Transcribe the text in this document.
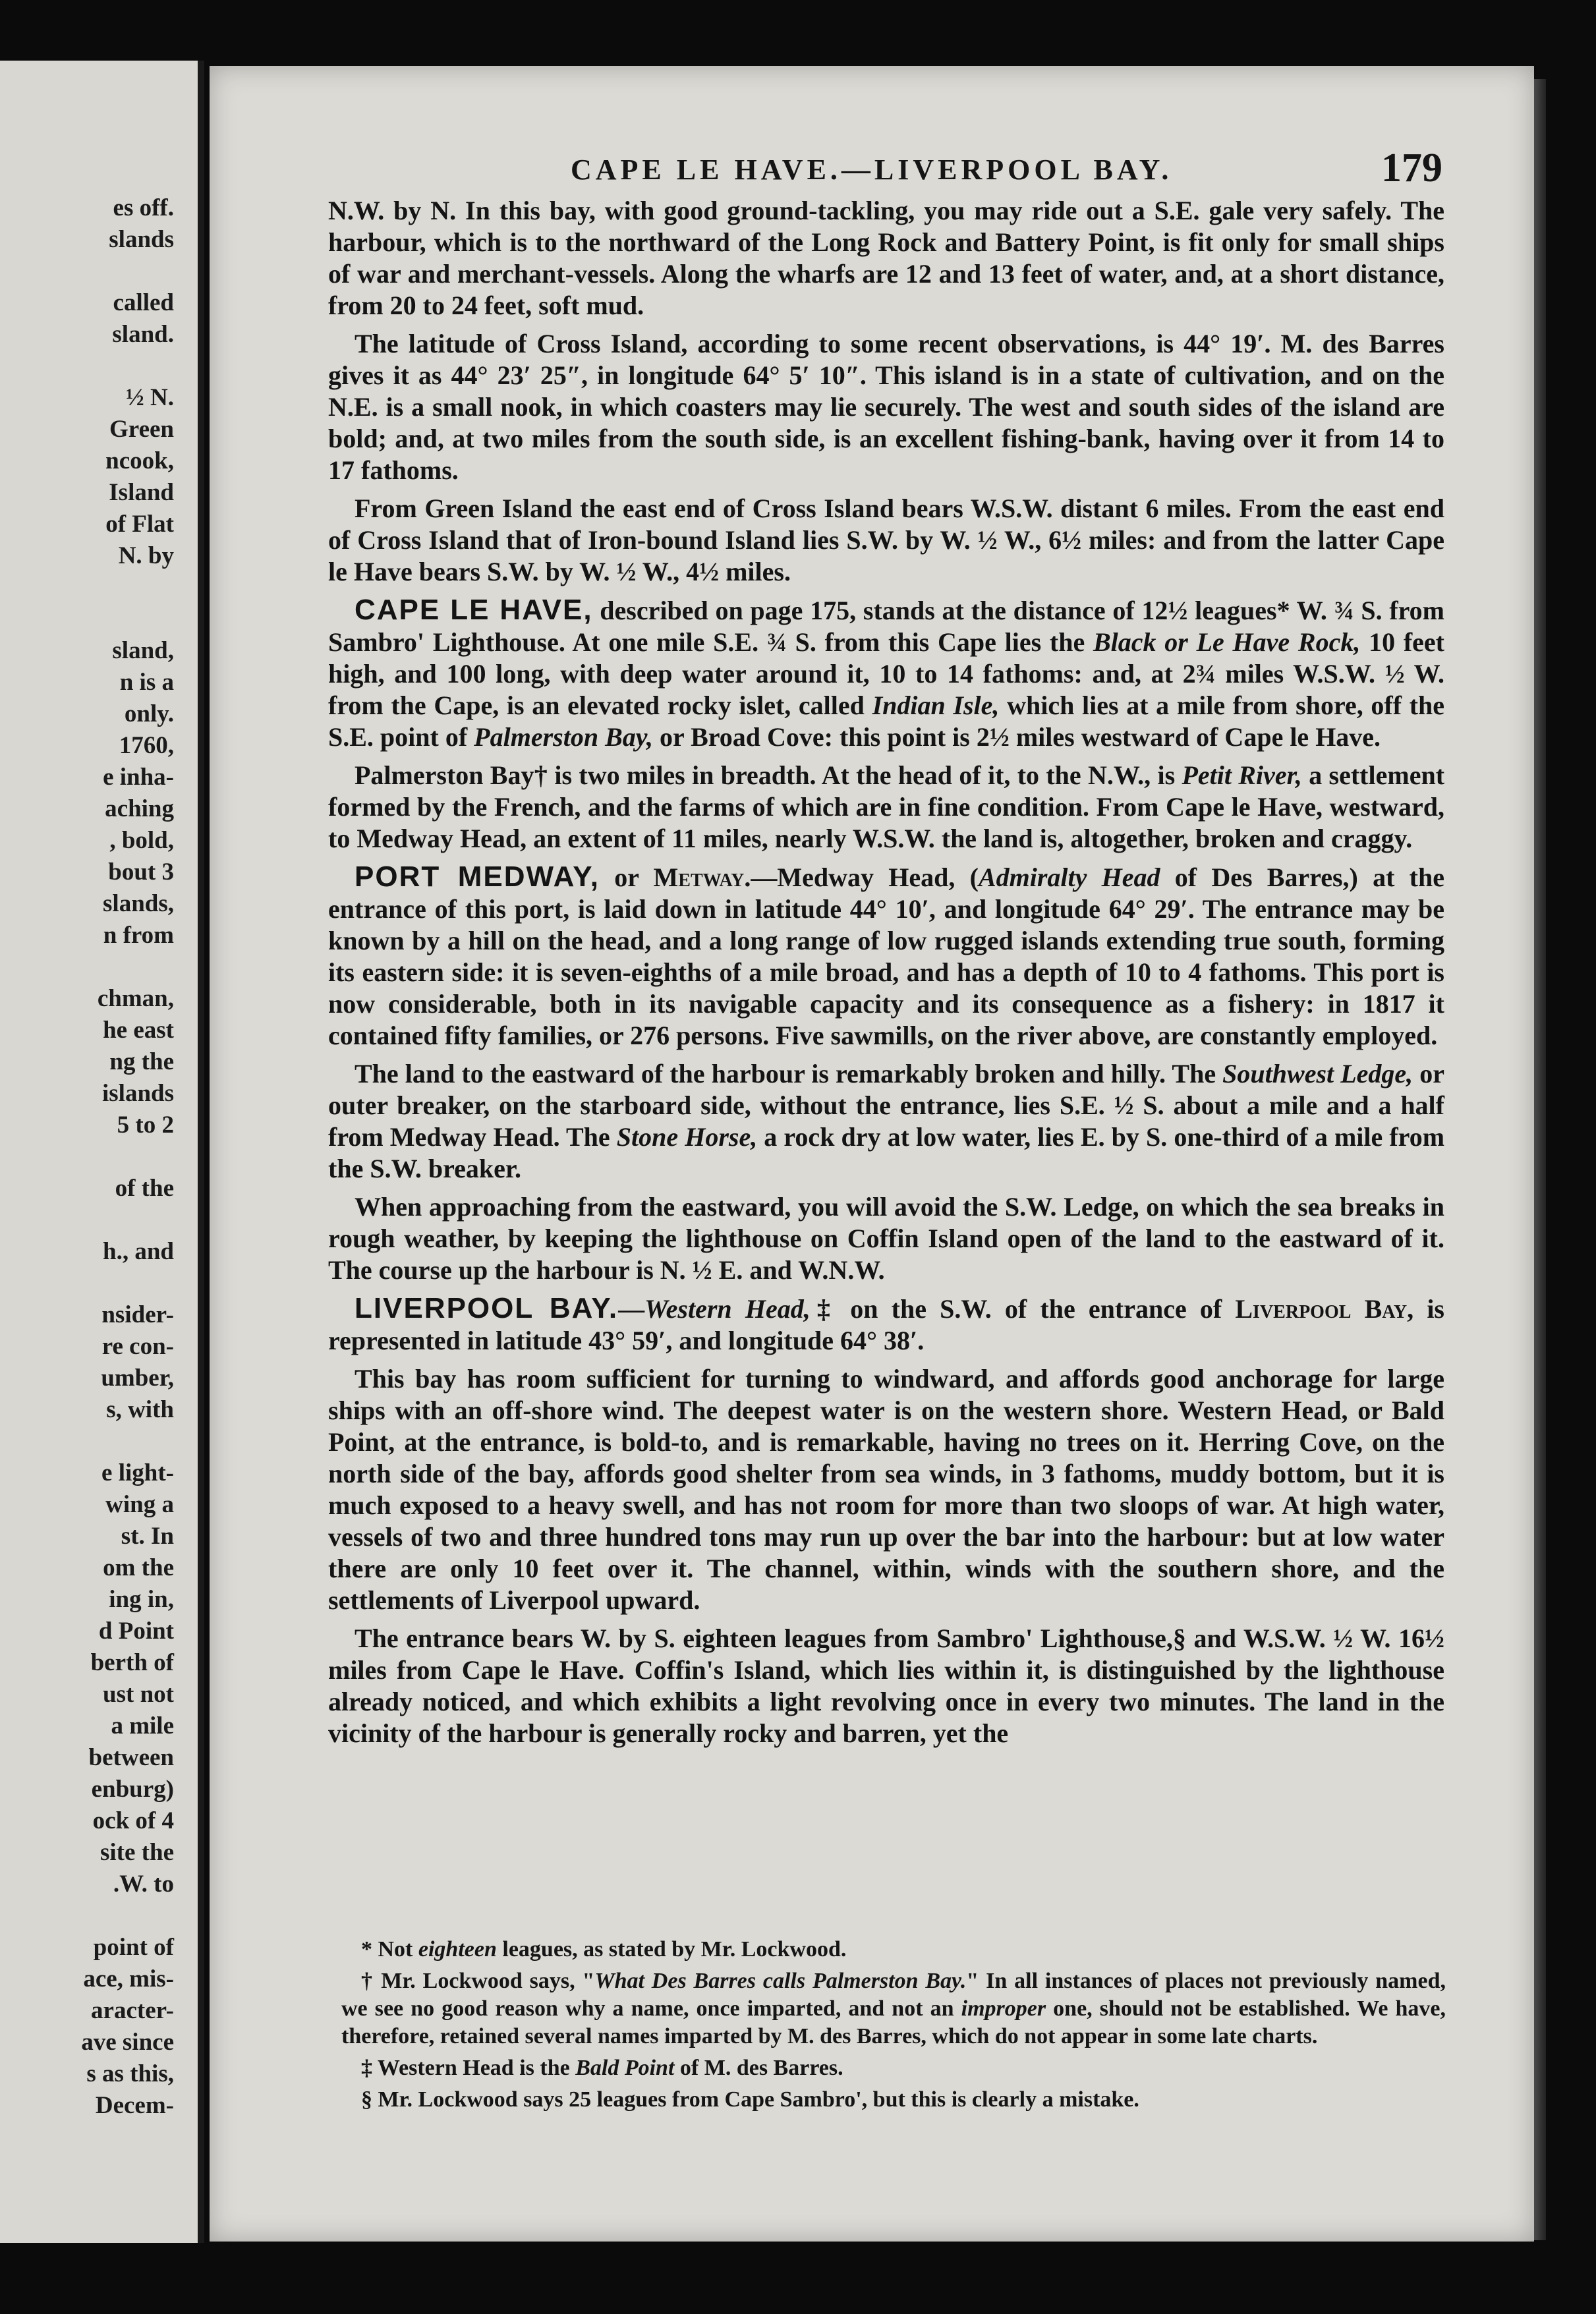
es off.
slands
called
sland.
½ N.
Green
ncook,
Island
of Flat
N. by
sland,
n is a
only.
1760,
e inha-
aching
, bold,
bout 3
slands,
n from
chman,
he east
ng the
islands
5 to 2
of the
h., and
nsider-
re con-
umber,
s, with
e light-
wing a
st. In
om the
ing in,
d Point
berth of
ust not
a mile
between
enburg)
ock of 4
site the
.W. to
point of
ace, mis-
aracter-
ave since
s as this,
Decem-
CAPE LE HAVE.—LIVERPOOL BAY.	179

N.W. by N. In this bay, with good ground-tackling, you may ride out a S.E. gale very safely. The harbour, which is to the northward of the Long Rock and Battery Point, is fit only for small ships of war and merchant-vessels. Along the wharfs are 12 and 13 feet of water, and, at a short distance, from 20 to 24 feet, soft mud.

The latitude of Cross Island, according to some recent observations, is 44° 19′. M. des Barres gives it as 44° 23′ 25″, in longitude 64° 5′ 10″. This island is in a state of cultivation, and on the N.E. is a small nook, in which coasters may lie securely. The west and south sides of the island are bold; and, at two miles from the south side, is an excellent fishing-bank, having over it from 14 to 17 fathoms.

From Green Island the east end of Cross Island bears W.S.W. distant 6 miles. From the east end of Cross Island that of Iron-bound Island lies S.W. by W. ½ W., 6½ miles: and from the latter Cape le Have bears S.W. by W. ½ W., 4½ miles.

CAPE LE HAVE, described on page 175, stands at the distance of 12½ leagues* W. ¾ S. from Sambro' Lighthouse. At one mile S.E. ¾ S. from this Cape lies the Black or Le Have Rock, 10 feet high, and 100 long, with deep water around it, 10 to 14 fathoms: and, at 2¾ miles W.S.W. ½ W. from the Cape, is an elevated rocky islet, called Indian Isle, which lies at a mile from shore, off the S.E. point of Palmerston Bay, or Broad Cove: this point is 2½ miles westward of Cape le Have.

Palmerston Bay† is two miles in breadth. At the head of it, to the N.W., is Petit River, a settlement formed by the French, and the farms of which are in fine condition. From Cape le Have, westward, to Medway Head, an extent of 11 miles, nearly W.S.W. the land is, altogether, broken and craggy.

PORT MEDWAY, or Metway.—Medway Head, (Admiralty Head of Des Barres,) at the entrance of this port, is laid down in latitude 44° 10′, and longitude 64° 29′. The entrance may be known by a hill on the head, and a long range of low rugged islands extending true south, forming its eastern side: it is seven-eighths of a mile broad, and has a depth of 10 to 4 fathoms. This port is now considerable, both in its navigable capacity and its consequence as a fishery: in 1817 it contained fifty families, or 276 persons. Five sawmills, on the river above, are constantly employed.

The land to the eastward of the harbour is remarkably broken and hilly. The Southwest Ledge, or outer breaker, on the starboard side, without the entrance, lies S.E. ½ S. about a mile and a half from Medway Head. The Stone Horse, a rock dry at low water, lies E. by S. one-third of a mile from the S.W. breaker.

When approaching from the eastward, you will avoid the S.W. Ledge, on which the sea breaks in rough weather, by keeping the lighthouse on Coffin Island open of the land to the eastward of it. The course up the harbour is N. ½ E. and W.N.W.

LIVERPOOL BAY.—Western Head,‡ on the S.W. of the entrance of Liverpool Bay, is represented in latitude 43° 59′, and longitude 64° 38′.

This bay has room sufficient for turning to windward, and affords good anchorage for large ships with an off-shore wind. The deepest water is on the western shore. Western Head, or Bald Point, at the entrance, is bold-to, and is remarkable, having no trees on it. Herring Cove, on the north side of the bay, affords good shelter from sea winds, in 3 fathoms, muddy bottom, but it is much exposed to a heavy swell, and has not room for more than two sloops of war. At high water, vessels of two and three hundred tons may run up over the bar into the harbour: but at low water there are only 10 feet over it. The channel, within, winds with the southern shore, and the settlements of Liverpool upward.

The entrance bears W. by S. eighteen leagues from Sambro' Lighthouse,§ and W.S.W. ½ W. 16½ miles from Cape le Have. Coffin's Island, which lies within it, is distinguished by the lighthouse already noticed, and which exhibits a light revolving once in every two minutes. The land in the vicinity of the harbour is generally rocky and barren, yet the

* Not eighteen leagues, as stated by Mr. Lockwood.

† Mr. Lockwood says, "What Des Barres calls Palmerston Bay." In all instances of places not previously named, we see no good reason why a name, once imparted, and not an improper one, should not be established. We have, therefore, retained several names imparted by M. des Barres, which do not appear in some late charts.

‡ Western Head is the Bald Point of M. des Barres.

§ Mr. Lockwood says 25 leagues from Cape Sambro', but this is clearly a mistake.
